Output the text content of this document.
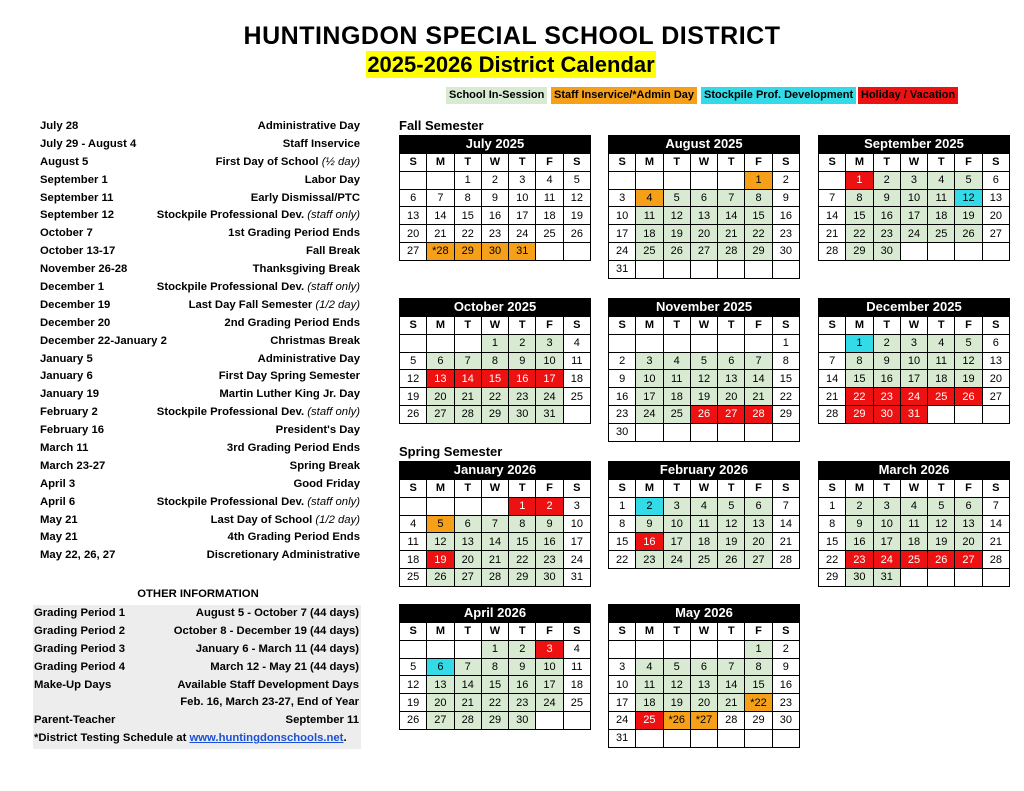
HUNTINGDON SPECIAL SCHOOL DISTRICT
2025-2026 District Calendar
School In-Session Staff Inservice/*Admin Day Stockpile Prof. Development Holiday / Vacation
July 28	Administrative Day
July 29 - August 4	Staff Inservice
August 5	First Day of School (½ day)
September 1	Labor Day
September 11	Early Dismissal/PTC
September 12	Stockpile Professional Dev. (staff only)
October 7	1st Grading Period Ends
October 13-17	Fall Break
November 26-28	Thanksgiving Break
December 1	Stockpile Professional Dev. (staff only)
December 19	Last Day Fall Semester (1/2 day)
December 20	2nd Grading Period Ends
December 22-January 2	Christmas Break
January 5	Administrative Day
January 6	First Day Spring Semester
January 19	Martin Luther King Jr. Day
February 2	Stockpile Professional Dev. (staff only)
February 16	President's Day
March 11	3rd Grading Period Ends
March 23-27	Spring Break
April 3	Good Friday
April 6	Stockpile Professional Dev. (staff only)
May 21	Last Day of School (1/2 day)
May 21	4th Grading Period Ends
May 22, 26, 27	Discretionary Administrative
OTHER INFORMATION
Grading Period 1	August 5 - October 7 (44 days)
Grading Period 2	October 8 - December 19 (44 days)
Grading Period 3	January 6 - March 11 (44 days)
Grading Period 4	March 12 - May 21 (44 days)
Make-Up Days	Available Staff Development Days
Feb. 16, March 23-27, End of Year
Parent-Teacher	September 11
*District Testing Schedule at www.huntingdonschools.net.
Fall Semester
Spring Semester
July 2025
S	M	T	W	T	F	S
		1	2	3	4	5
6	7	8	9	10	11	12
13	14	15	16	17	18	19
20	21	22	23	24	25	26
27	*28	29	30	31		
August 2025
S	M	T	W	T	F	S
					1	2
3	4	5	6	7	8	9
10	11	12	13	14	15	16
17	18	19	20	21	22	23
24	25	26	27	28	29	30
31						
September 2025
S	M	T	W	T	F	S
	1	2	3	4	5	6
7	8	9	10	11	12	13
14	15	16	17	18	19	20
21	22	23	24	25	26	27
28	29	30				
October 2025
S	M	T	W	T	F	S
			1	2	3	4
5	6	7	8	9	10	11
12	13	14	15	16	17	18
19	20	21	22	23	24	25
26	27	28	29	30	31	
November 2025
S	M	T	W	T	F	S
						1
2	3	4	5	6	7	8
9	10	11	12	13	14	15
16	17	18	19	20	21	22
23	24	25	26	27	28	29
30						
December 2025
S	M	T	W	T	F	S
	1	2	3	4	5	6
7	8	9	10	11	12	13
14	15	16	17	18	19	20
21	22	23	24	25	26	27
28	29	30	31			
January 2026
S	M	T	W	T	F	S
				1	2	3
4	5	6	7	8	9	10
11	12	13	14	15	16	17
18	19	20	21	22	23	24
25	26	27	28	29	30	31
February 2026
S	M	T	W	T	F	S
1	2	3	4	5	6	7
8	9	10	11	12	13	14
15	16	17	18	19	20	21
22	23	24	25	26	27	28
March 2026
S	M	T	W	T	F	S
1	2	3	4	5	6	7
8	9	10	11	12	13	14
15	16	17	18	19	20	21
22	23	24	25	26	27	28
29	30	31				
April 2026
S	M	T	W	T	F	S
			1	2	3	4
5	6	7	8	9	10	11
12	13	14	15	16	17	18
19	20	21	22	23	24	25
26	27	28	29	30		
May 2026
S	M	T	W	T	F	S
					1	2
3	4	5	6	7	8	9
10	11	12	13	14	15	16
17	18	19	20	21	*22	23
24	25	*26	*27	28	29	30
31						
